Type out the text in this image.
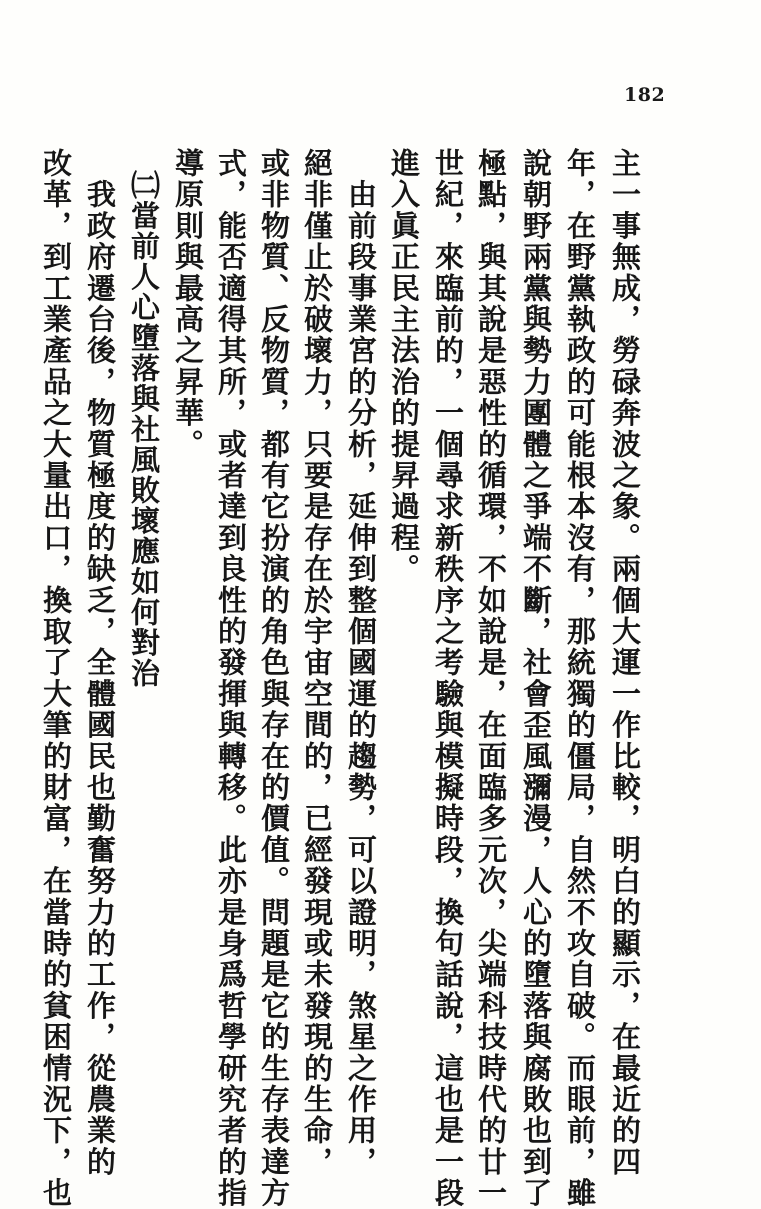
182
主一事無成，勞碌奔波之象。兩個大運一作比較，明白的顯示，在最近的四
年，在野黨執政的可能根本沒有，那統獨的僵局，自然不攻自破。而眼前，雖
說朝野兩黨與勢力團體之爭端不斷，社會歪風瀰漫，人心的墮落與腐敗也到了
極點，與其說是惡性的循環，不如說是，在面臨多元次，尖端科技時代的廿一
世紀，來臨前的，一個尋求新秩序之考驗與模擬時段，換句話說，這也是一段
進入眞正民主法治的提昇過程。
　由前段事業宮的分析，延伸到整個國運的趨勢，可以證明，煞星之作用，
絕非僅止於破壞力，只要是存在於宇宙空間的，已經發現或未發現的生命，
或非物質、反物質，都有它扮演的角色與存在的價值。問題是它的生存表達方
式，能否適得其所，或者達到良性的發揮與轉移。此亦是身爲哲學研究者的指
導原則與最高之昇華。
㈡當前人心墮落與社風敗壞應如何對治
　我政府遷台後，物質極度的缺乏，全體國民也勤奮努力的工作，從農業的
改革，到工業產品之大量出口，換取了大筆的財富，在當時的貧困情況下，也
